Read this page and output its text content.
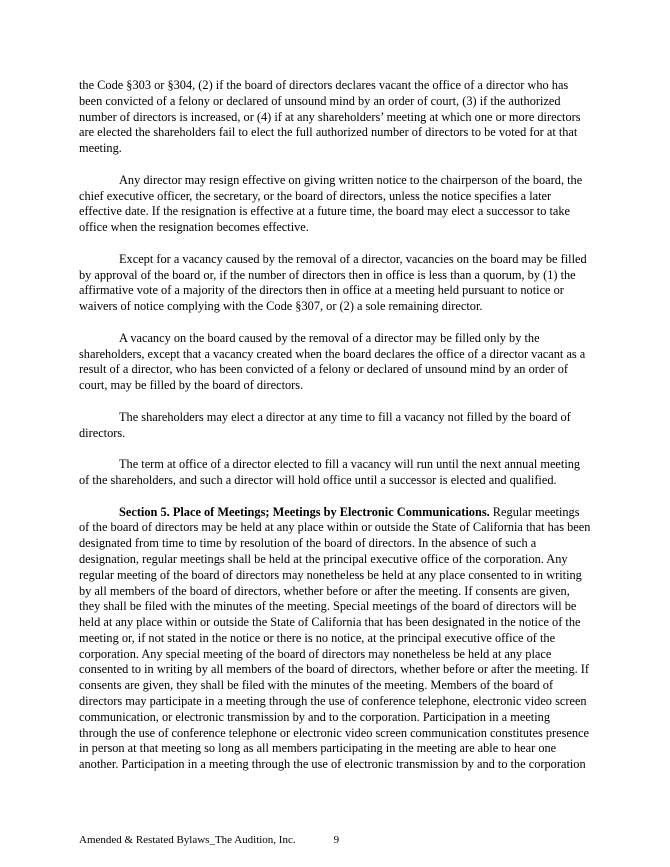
the Code §303 or §304, (2) if the board of directors declares vacant the office of a director who has been convicted of a felony or declared of unsound mind by an order of court, (3) if the authorized number of directors is increased, or (4) if at any shareholders’ meeting at which one or more directors are elected the shareholders fail to elect the full authorized number of directors to be voted for at that meeting.

Any director may resign effective on giving written notice to the chairperson of the board, the chief executive officer, the secretary, or the board of directors, unless the notice specifies a later effective date. If the resignation is effective at a future time, the board may elect a successor to take office when the resignation becomes effective.

Except for a vacancy caused by the removal of a director, vacancies on the board may be filled by approval of the board or, if the number of directors then in office is less than a quorum, by (1) the affirmative vote of a majority of the directors then in office at a meeting held pursuant to notice or waivers of notice complying with the Code §307, or (2) a sole remaining director.

A vacancy on the board caused by the removal of a director may be filled only by the shareholders, except that a vacancy created when the board declares the office of a director vacant as a result of a director, who has been convicted of a felony or declared of unsound mind by an order of court, may be filled by the board of directors.

The shareholders may elect a director at any time to fill a vacancy not filled by the board of directors.

The term at office of a director elected to fill a vacancy will run until the next annual meeting of the shareholders, and such a director will hold office until a successor is elected and qualified.

Section 5. Place of Meetings; Meetings by Electronic Communications. Regular meetings of the board of directors may be held at any place within or outside the State of California that has been designated from time to time by resolution of the board of directors. In the absence of such a designation, regular meetings shall be held at the principal executive office of the corporation. Any regular meeting of the board of directors may nonetheless be held at any place consented to in writing by all members of the board of directors, whether before or after the meeting. If consents are given, they shall be filed with the minutes of the meeting. Special meetings of the board of directors will be held at any place within or outside the State of California that has been designated in the notice of the meeting or, if not stated in the notice or there is no notice, at the principal executive office of the corporation. Any special meeting of the board of directors may nonetheless be held at any place consented to in writing by all members of the board of directors, whether before or after the meeting. If consents are given, they shall be filed with the minutes of the meeting. Members of the board of directors may participate in a meeting through the use of conference telephone, electronic video screen communication, or electronic transmission by and to the corporation. Participation in a meeting through the use of conference telephone or electronic video screen communication constitutes presence in person at that meeting so long as all members participating in the meeting are able to hear one another. Participation in a meeting through the use of electronic transmission by and to the corporation

Amended & Restated Bylaws_The Audition, Inc.	9
